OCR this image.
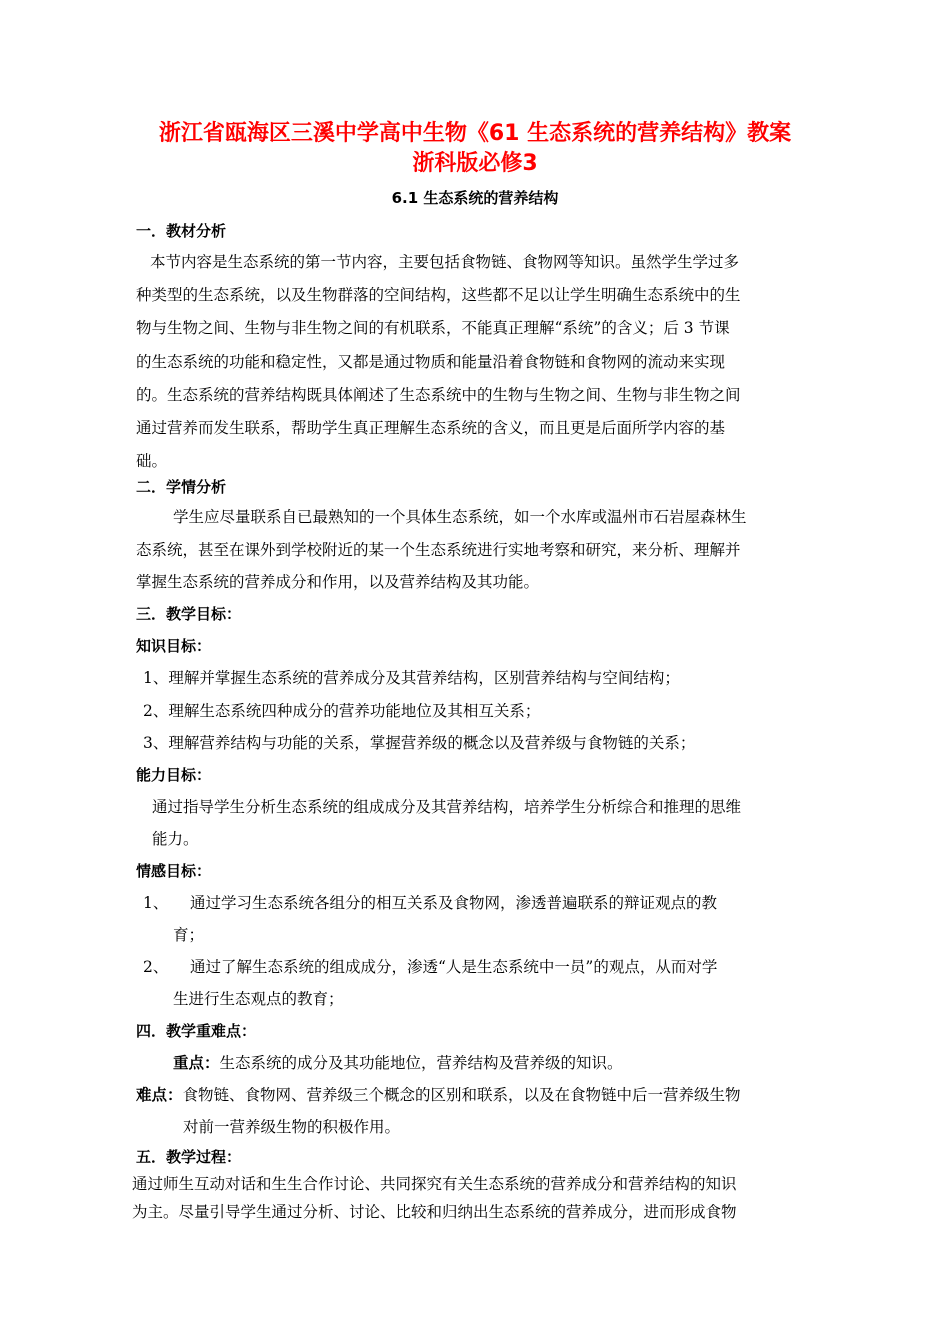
浙江省瓯海区三溪中学高中生物《61 生态系统的营养结构》教案
浙科版必修3
6.1 生态系统的营养结构
一．教材分析
本节内容是生态系统的第一节内容，主要包括食物链、食物网等知识。虽然学生学过多
种类型的生态系统，以及生物群落的空间结构，这些都不足以让学生明确生态系统中的生
物与生物之间、生物与非生物之间的有机联系，不能真正理解“系统”的含义；后 3 节课
的生态系统的功能和稳定性，又都是通过物质和能量沿着食物链和食物网的流动来实现
的。生态系统的营养结构既具体阐述了生态系统中的生物与生物之间、生物与非生物之间
通过营养而发生联系，帮助学生真正理解生态系统的含义，而且更是后面所学内容的基
础。
二．学情分析
学生应尽量联系自已最熟知的一个具体生态系统，如一个水库或温州市石岩屋森林生
态系统，甚至在课外到学校附近的某一个生态系统进行实地考察和研究，来分析、理解并
掌握生态系统的营养成分和作用，以及营养结构及其功能。
三．教学目标：
知识目标：
1、理解并掌握生态系统的营养成分及其营养结构，区别营养结构与空间结构；
2、理解生态系统四种成分的营养功能地位及其相互关系；
3、理解营养结构与功能的关系，掌握营养级的概念以及营养级与食物链的关系；
能力目标：
通过指导学生分析生态系统的组成成分及其营养结构，培养学生分析综合和推理的思维
能力。
情感目标：
1、 通过学习生态系统各组分的相互关系及食物网，渗透普遍联系的辩证观点的教
育；
2、 通过了解生态系统的组成成分，渗透“人是生态系统中一员”的观点，从而对学
生进行生态观点的教育；
四．教学重难点：
重点：生态系统的成分及其功能地位，营养结构及营养级的知识。
难点：食物链、食物网、营养级三个概念的区别和联系，以及在食物链中后一营养级生物
对前一营养级生物的积极作用。
五．教学过程：
通过师生互动对话和生生合作讨论、共同探究有关生态系统的营养成分和营养结构的知识
为主。尽量引导学生通过分析、讨论、比较和归纳出生态系统的营养成分，进而形成食物
